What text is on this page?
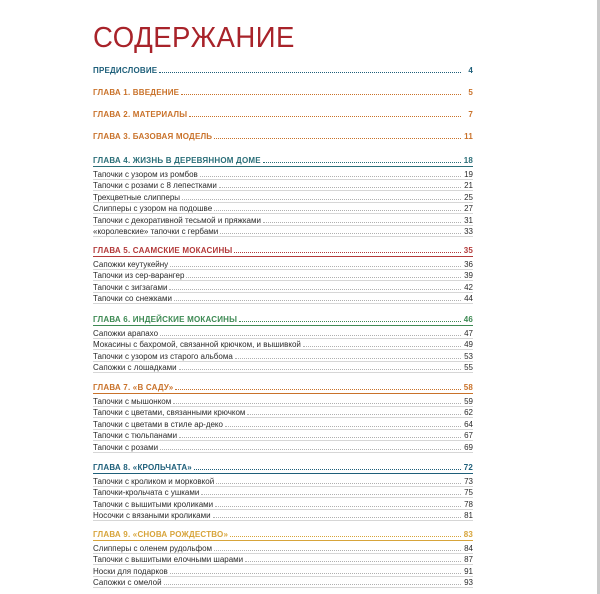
СОДЕРЖАНИЕ
ПРЕДИСЛОВИЕ	4
ГЛАВА 1. ВВЕДЕНИЕ	5
ГЛАВА 2. МАТЕРИАЛЫ	7
ГЛАВА 3. БАЗОВАЯ МОДЕЛЬ	11
ГЛАВА 4. ЖИЗНЬ В ДЕРЕВЯННОМ ДОМЕ	18
Тапочки с узором из ромбов	19
Тапочки с розами с 8 лепестками	21
Трехцветные слипперы	25
Слипперы с узором на подошве	27
Тапочки с декоративной тесьмой и пряжками	31
«королевские» тапочки с гербами	33
ГЛАВА 5. СААМСКИЕ МОКАСИНЫ	35
Сапожки кеутукейну	36
Тапочки из сер-варангер	39
Тапочки с зигзагами	42
Тапочки со снежками	44
ГЛАВА 6. ИНДЕЙСКИЕ МОКАСИНЫ	46
Сапожки арапахо	47
Мокасины с бахромой, связанной крючком, и вышивкой	49
Тапочки с узором из старого альбома	53
Сапожки с лошадками	55
ГЛАВА 7. «В САДУ»	58
Тапочки с мышонком	59
Тапочки с цветами, связанными крючком	62
Тапочки с цветами в стиле ар-деко	64
Тапочки с тюльпанами	67
Тапочки с розами	69
ГЛАВА 8. «КРОЛЬЧАТА»	72
Тапочки с кроликом и морковкой	73
Тапочки-крольчата с ушками	75
Тапочки с вышитыми кроликами	78
Носочки с вязаными кроликами	81
ГЛАВА 9. «СНОВА РОЖДЕСТВО»	83
Слипперы с оленем рудольфом	84
Тапочки с вышитыми елочными шарами	87
Носки для подарков	91
Сапожки с омелой	93
